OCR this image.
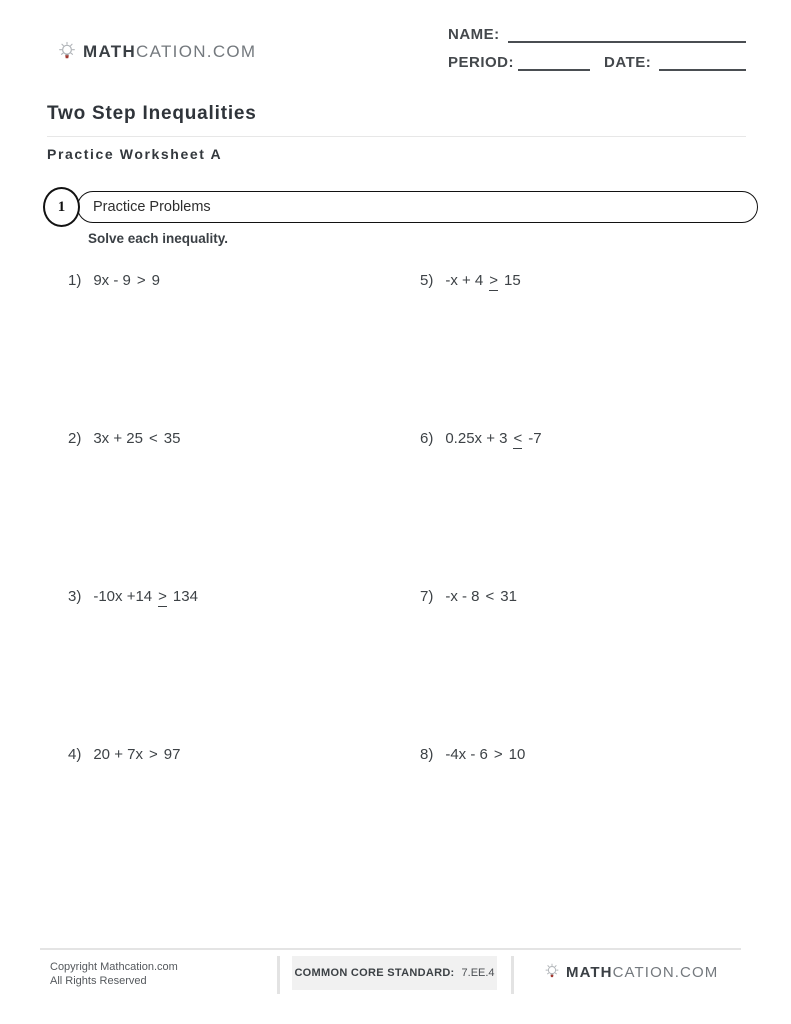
MATHCATION.COM
NAME:
PERIOD:	DATE:
Two Step Inequalities
Practice Worksheet A
Practice Problems
1

Solve each inequality.

1) 9x - 9 > 9
2) 3x + 25 < 35
3) -10x +14 > 134
4) 20 + 7x > 97
5) -x + 4 > 15
6) 0.25x + 3 < -7
7) -x - 8 < 31
8) -4x - 6 > 10
Copyright Mathcation.com
All Rights Reserved
COMMON CORE STANDARD: 7.EE.4	MATHCATION.COM
